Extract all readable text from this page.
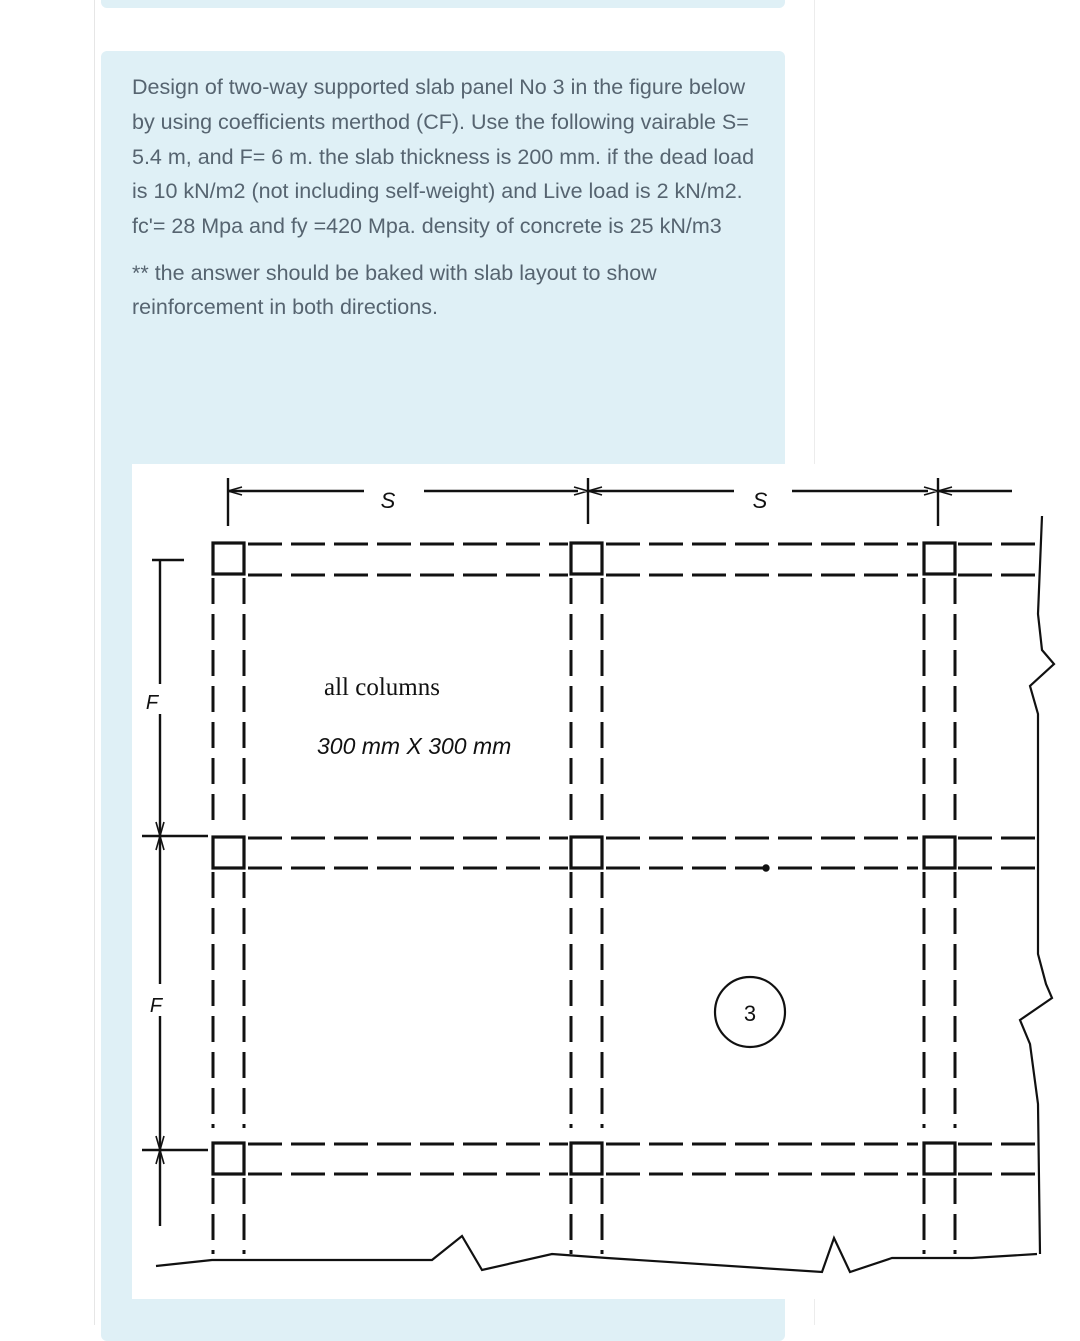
Design of two-way supported slab panel No 3 in the figure below by using coefficients merthod (CF). Use the following vairable S= 5.4 m, and F= 6 m. the slab thickness is 200 mm. if the dead load is 10 kN/m2 (not including self-weight) and Live load is 2 kN/m2. fc'= 28 Mpa and fy =420 Mpa. density of concrete is 25 kN/m3

** the answer should be baked with slab layout to show reinforcement in both directions.

S	S
F
F
all columns
300 mm X 300 mm
3
